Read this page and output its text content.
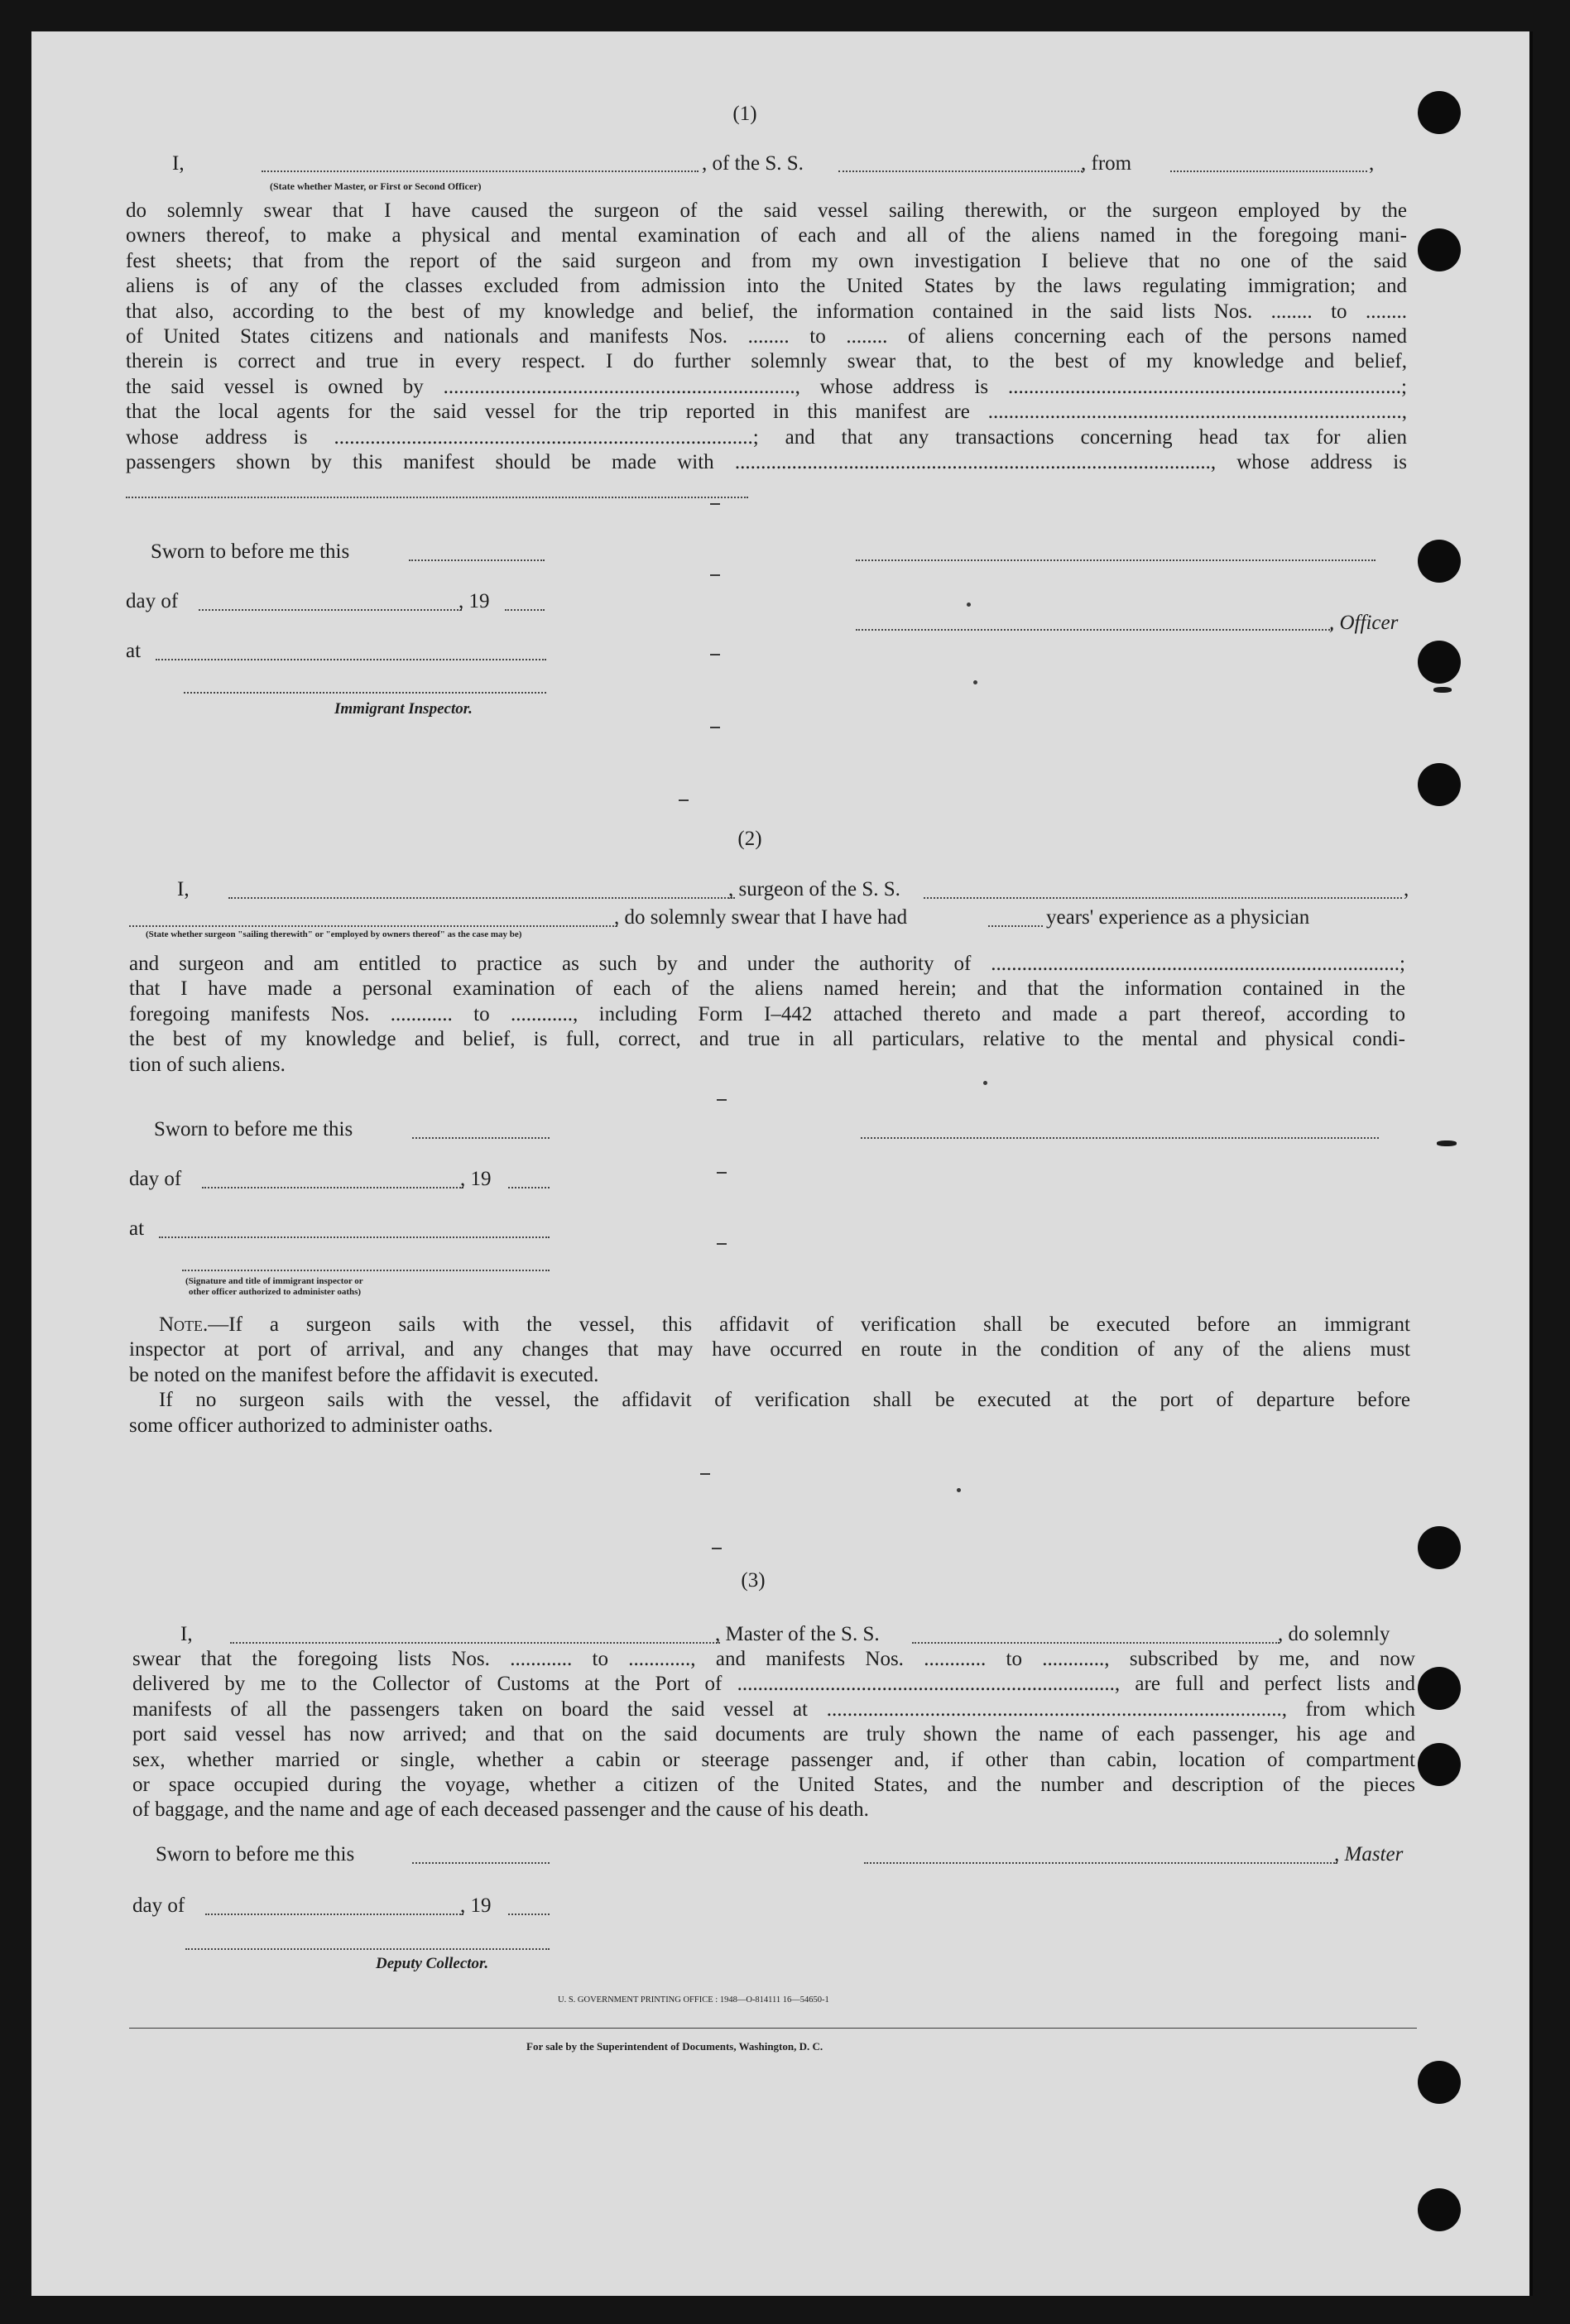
(1)
I,	, of the S. S.	, from	,
(State whether Master, or First or Second Officer)
do solemnly swear that I have caused the surgeon of the said vessel sailing therewith, or the surgeon employed by the
owners thereof, to make a physical and mental examination of each and all of the aliens named in the foregoing mani-
fest sheets; that from the report of the said surgeon and from my own investigation I believe that no one of the said
aliens is of any of the classes excluded from admission into the United States by the laws regulating immigration; and
that also, according to the best of my knowledge and belief, the information contained in the said lists Nos. ........ to ........
of United States citizens and nationals and manifests Nos. ........ to ........ of aliens concerning each of the persons named
therein is correct and true in every respect. I do further solemnly swear that, to the best of my knowledge and belief,
the said vessel is owned by ...................................................................., whose address is ............................................................................;
that the local agents for the said vessel for the trip reported in this manifest are ................................................................................,
whose address is .................................................................................; and that any transactions concerning head tax for alien
passengers shown by this manifest should be made with ............................................................................................, whose address is
Sworn to before me this
day of	, 19
, Officer
at
Immigrant Inspector.
(2)
I,	, surgeon of the S. S.	,
, do solemnly swear that I have had	years' experience as a physician
(State whether surgeon "sailing therewith" or "employed by owners thereof" as the case may be)
and surgeon and am entitled to practice as such by and under the authority of ...............................................................................;
that I have made a personal examination of each of the aliens named herein; and that the information contained in the
foregoing manifests Nos. ............ to ............, including Form I–442 attached thereto and made a part thereof, according to
the best of my knowledge and belief, is full, correct, and true in all particulars, relative to the mental and physical condi-
tion of such aliens.
Sworn to before me this
day of	, 19
at
(Signature and title of immigrant inspector or
other officer authorized to administer oaths)
Note.—If a surgeon sails with the vessel, this affidavit of verification shall be executed before an immigrant
inspector at port of arrival, and any changes that may have occurred en route in the condition of any of the aliens must
be noted on the manifest before the affidavit is executed.
If no surgeon sails with the vessel, the affidavit of verification shall be executed at the port of departure before
some officer authorized to administer oaths.
(3)
I,	, Master of the S. S.	, do solemnly
swear that the foregoing lists Nos. ............ to ............, and manifests Nos. ............ to ............, subscribed by me, and now
delivered by me to the Collector of Customs at the Port of ........................................................................., are full and perfect lists and
manifests of all the passengers taken on board the said vessel at ........................................................................................, from which
port said vessel has now arrived; and that on the said documents are truly shown the name of each passenger, his age and
sex, whether married or single, whether a cabin or steerage passenger and, if other than cabin, location of compartment
or space occupied during the voyage, whether a citizen of the United States, and the number and description of the pieces
of baggage, and the name and age of each deceased passenger and the cause of his death.
Sworn to before me this	, Master
day of	, 19
Deputy Collector.
U. S. GOVERNMENT PRINTING OFFICE : 1948—O-814111 16—54650-1
For sale by the Superintendent of Documents, Washington, D. C.
